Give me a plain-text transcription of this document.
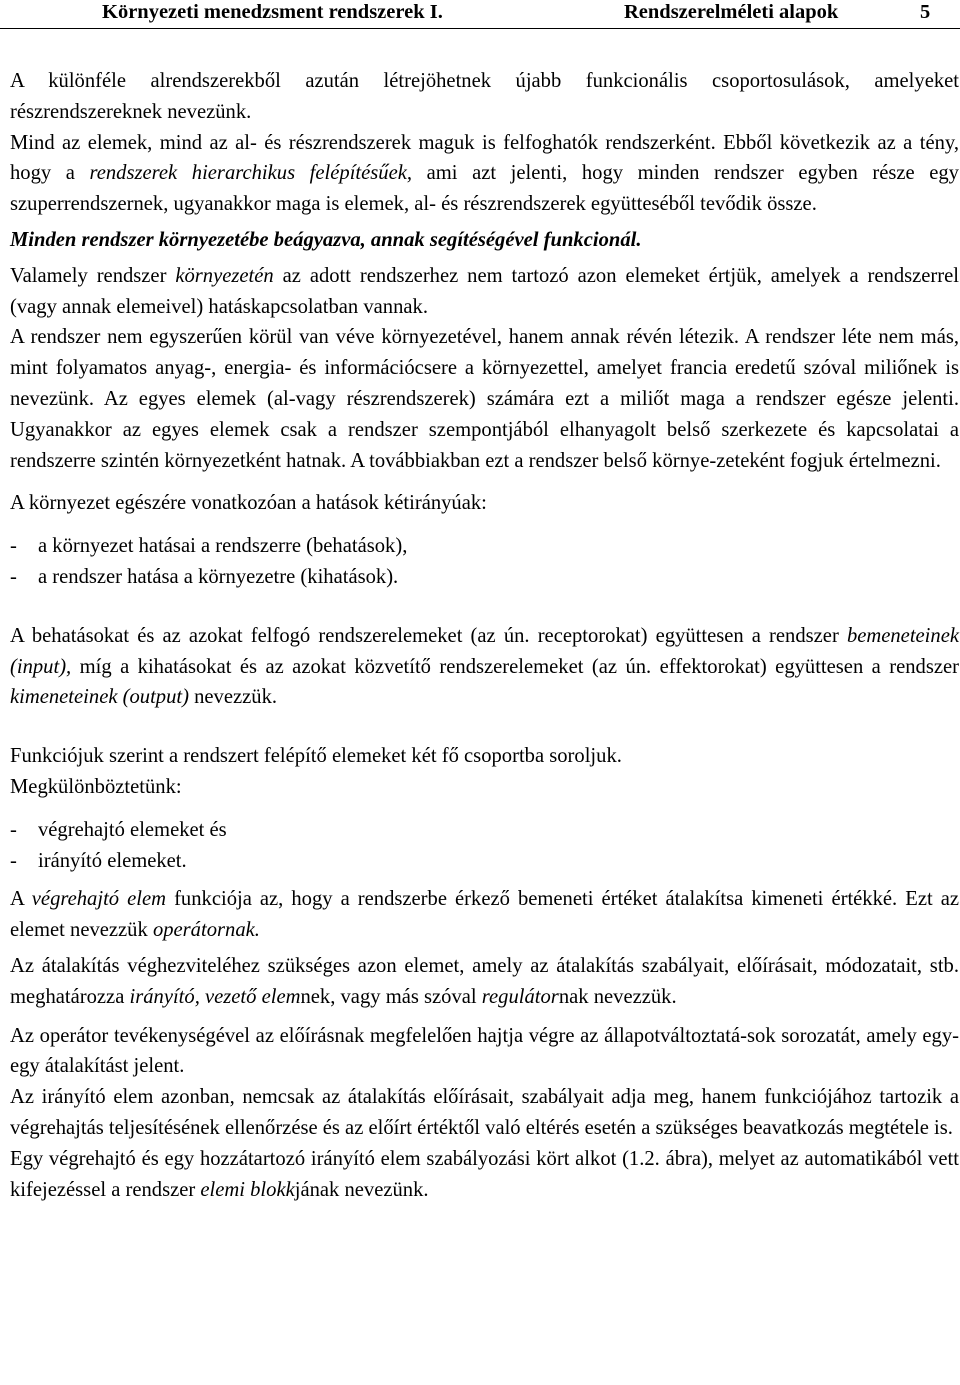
Környezeti menedzsment rendszerek I.	Rendszerelméleti alapok	5

A különféle alrendszerekből azután létrejöhetnek újabb funkcionális csoportosulások, amelyeket részrendszereknek nevezünk.

Mind az elemek, mind az al- és részrendszerek maguk is felfoghatók rendszerként. Ebből következik az a tény, hogy a rendszerek hierarchikus felépítésűek, ami azt jelenti, hogy minden rendszer egyben része egy szuperrendszernek, ugyanakkor maga is elemek, al- és részrendszerek együtteséből tevődik össze.

Minden rendszer környezetébe beágyazva, annak segítéségével funkcionál.

Valamely rendszer környezetén az adott rendszerhez nem tartozó azon elemeket értjük, amelyek a rendszerrel (vagy annak elemeivel) hatáskapcsolatban vannak.

A rendszer nem egyszerűen körül van véve környezetével, hanem annak révén létezik. A rendszer léte nem más, mint folyamatos anyag-, energia- és információcsere a környezettel, amelyet francia eredetű szóval miliőnek is nevezünk. Az egyes elemek (al-vagy részrendszerek) számára ezt a miliőt maga a rendszer egésze jelenti. Ugyanakkor az egyes elemek csak a rendszer szempontjából elhanyagolt belső szerkezete és kapcsolatai a rendszerre szintén környezetként hatnak. A továbbiakban ezt a rendszer belső környe-zeteként fogjuk értelmezni.

A környezet egészére vonatkozóan a hatások kétirányúak:

-	a környezet hatásai a rendszerre (behatások),
-	a rendszer hatása a környezetre (kihatások).

A behatásokat és az azokat felfogó rendszerelemeket (az ún. receptorokat) együttesen a rendszer bemeneteinek (input), míg a kihatásokat és az azokat közvetítő rendszerelemeket (az ún. effektorokat) együttesen a rendszer kimeneteinek (output) nevezzük.

Funkciójuk szerint a rendszert felépítő elemeket két fő csoportba soroljuk.
Megkülönböztetünk:

-	végrehajtó elemeket és
-	irányító elemeket.

A végrehajtó elem funkciója az, hogy a rendszerbe érkező bemeneti értéket átalakítsa kimeneti értékké. Ezt az elemet nevezzük operátornak.

Az átalakítás véghezviteléhez szükséges azon elemet, amely az átalakítás szabályait, előírásait, módozatait, stb. meghatározza irányító, vezető elemnek, vagy más szóval regulátornak nevezzük.

Az operátor tevékenységével az előírásnak megfelelően hajtja végre az állapotváltoztatá-sok sorozatát, amely egy-egy átalakítást jelent.

Az irányító elem azonban, nemcsak az átalakítás előírásait, szabályait adja meg, hanem funkciójához tartozik a végrehajtás teljesítésének ellenőrzése és az előírt értéktől való eltérés esetén a szükséges beavatkozás megtétele is.

Egy végrehajtó és egy hozzátartozó irányító elem szabályozási kört alkot (1.2. ábra), melyet az automatikából vett kifejezéssel a rendszer elemi blokkjának nevezünk.
